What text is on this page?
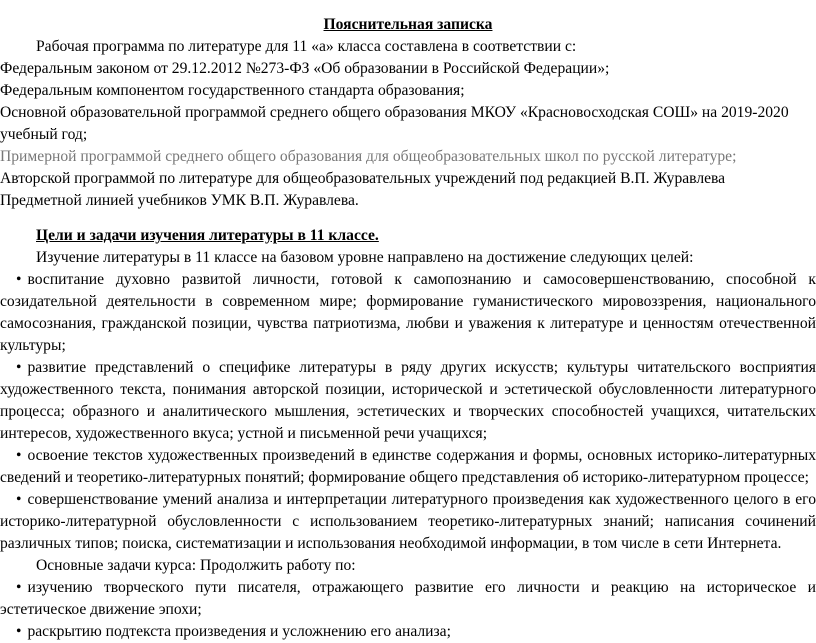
Пояснительная записка

Рабочая программа по литературе для 11 «а» класса составлена в соответствии с:

Федеральным законом от 29.12.2012 №273-ФЗ «Об образовании в Российской Федерации»;

Федеральным компонентом государственного стандарта образования;

Основной образовательной программой среднего общего образования МКОУ «Красновосходская СОШ» на 2019-2020 учебный год;

Примерной программой среднего общего образования для общеобразовательных школ по русской литературе;

Авторской программой по литературе для общеобразовательных учреждений под редакцией В.П. Журавлева

Предметной линией учебников УМК В.П. Журавлева.

Цели и задачи изучения литературы в 11 классе.

Изучение литературы в 11 классе на базовом уровне направлено на достижение следующих целей:

• воспитание духовно развитой личности, готовой к самопознанию и самосовершенствованию, способной к созидательной деятельности в современном мире; формирование гуманистического мировоззрения, национального самосознания, гражданской позиции, чувства патриотизма, любви и уважения к литературе и ценностям отечественной культуры;

• развитие представлений о специфике литературы в ряду других искусств; культуры читательского восприятия художественного текста, понимания авторской позиции, исторической и эстетической обусловленности литературного процесса; образного и аналитического мышления, эстетических и творческих способностей учащихся, читательских интересов, художественного вкуса; устной и письменной речи учащихся;

• освоение текстов художественных произведений в единстве содержания и формы, основных историко-литературных сведений и теоретико-литературных понятий; формирование общего представления об историко-литературном процессе;

• совершенствование умений анализа и интерпретации литературного произведения как художественного целого в его историко-литературной обусловленности с использованием теоретико-литературных знаний; написания сочинений различных типов; поиска, систематизации и использования необходимой информации, в том числе в сети Интернета.

Основные задачи курса: Продолжить работу по:

• изучению творческого пути писателя, отражающего развитие его личности и реакцию на историческое и эстетическое движение эпохи;

• раскрытию подтекста произведения и усложнению его анализа;
